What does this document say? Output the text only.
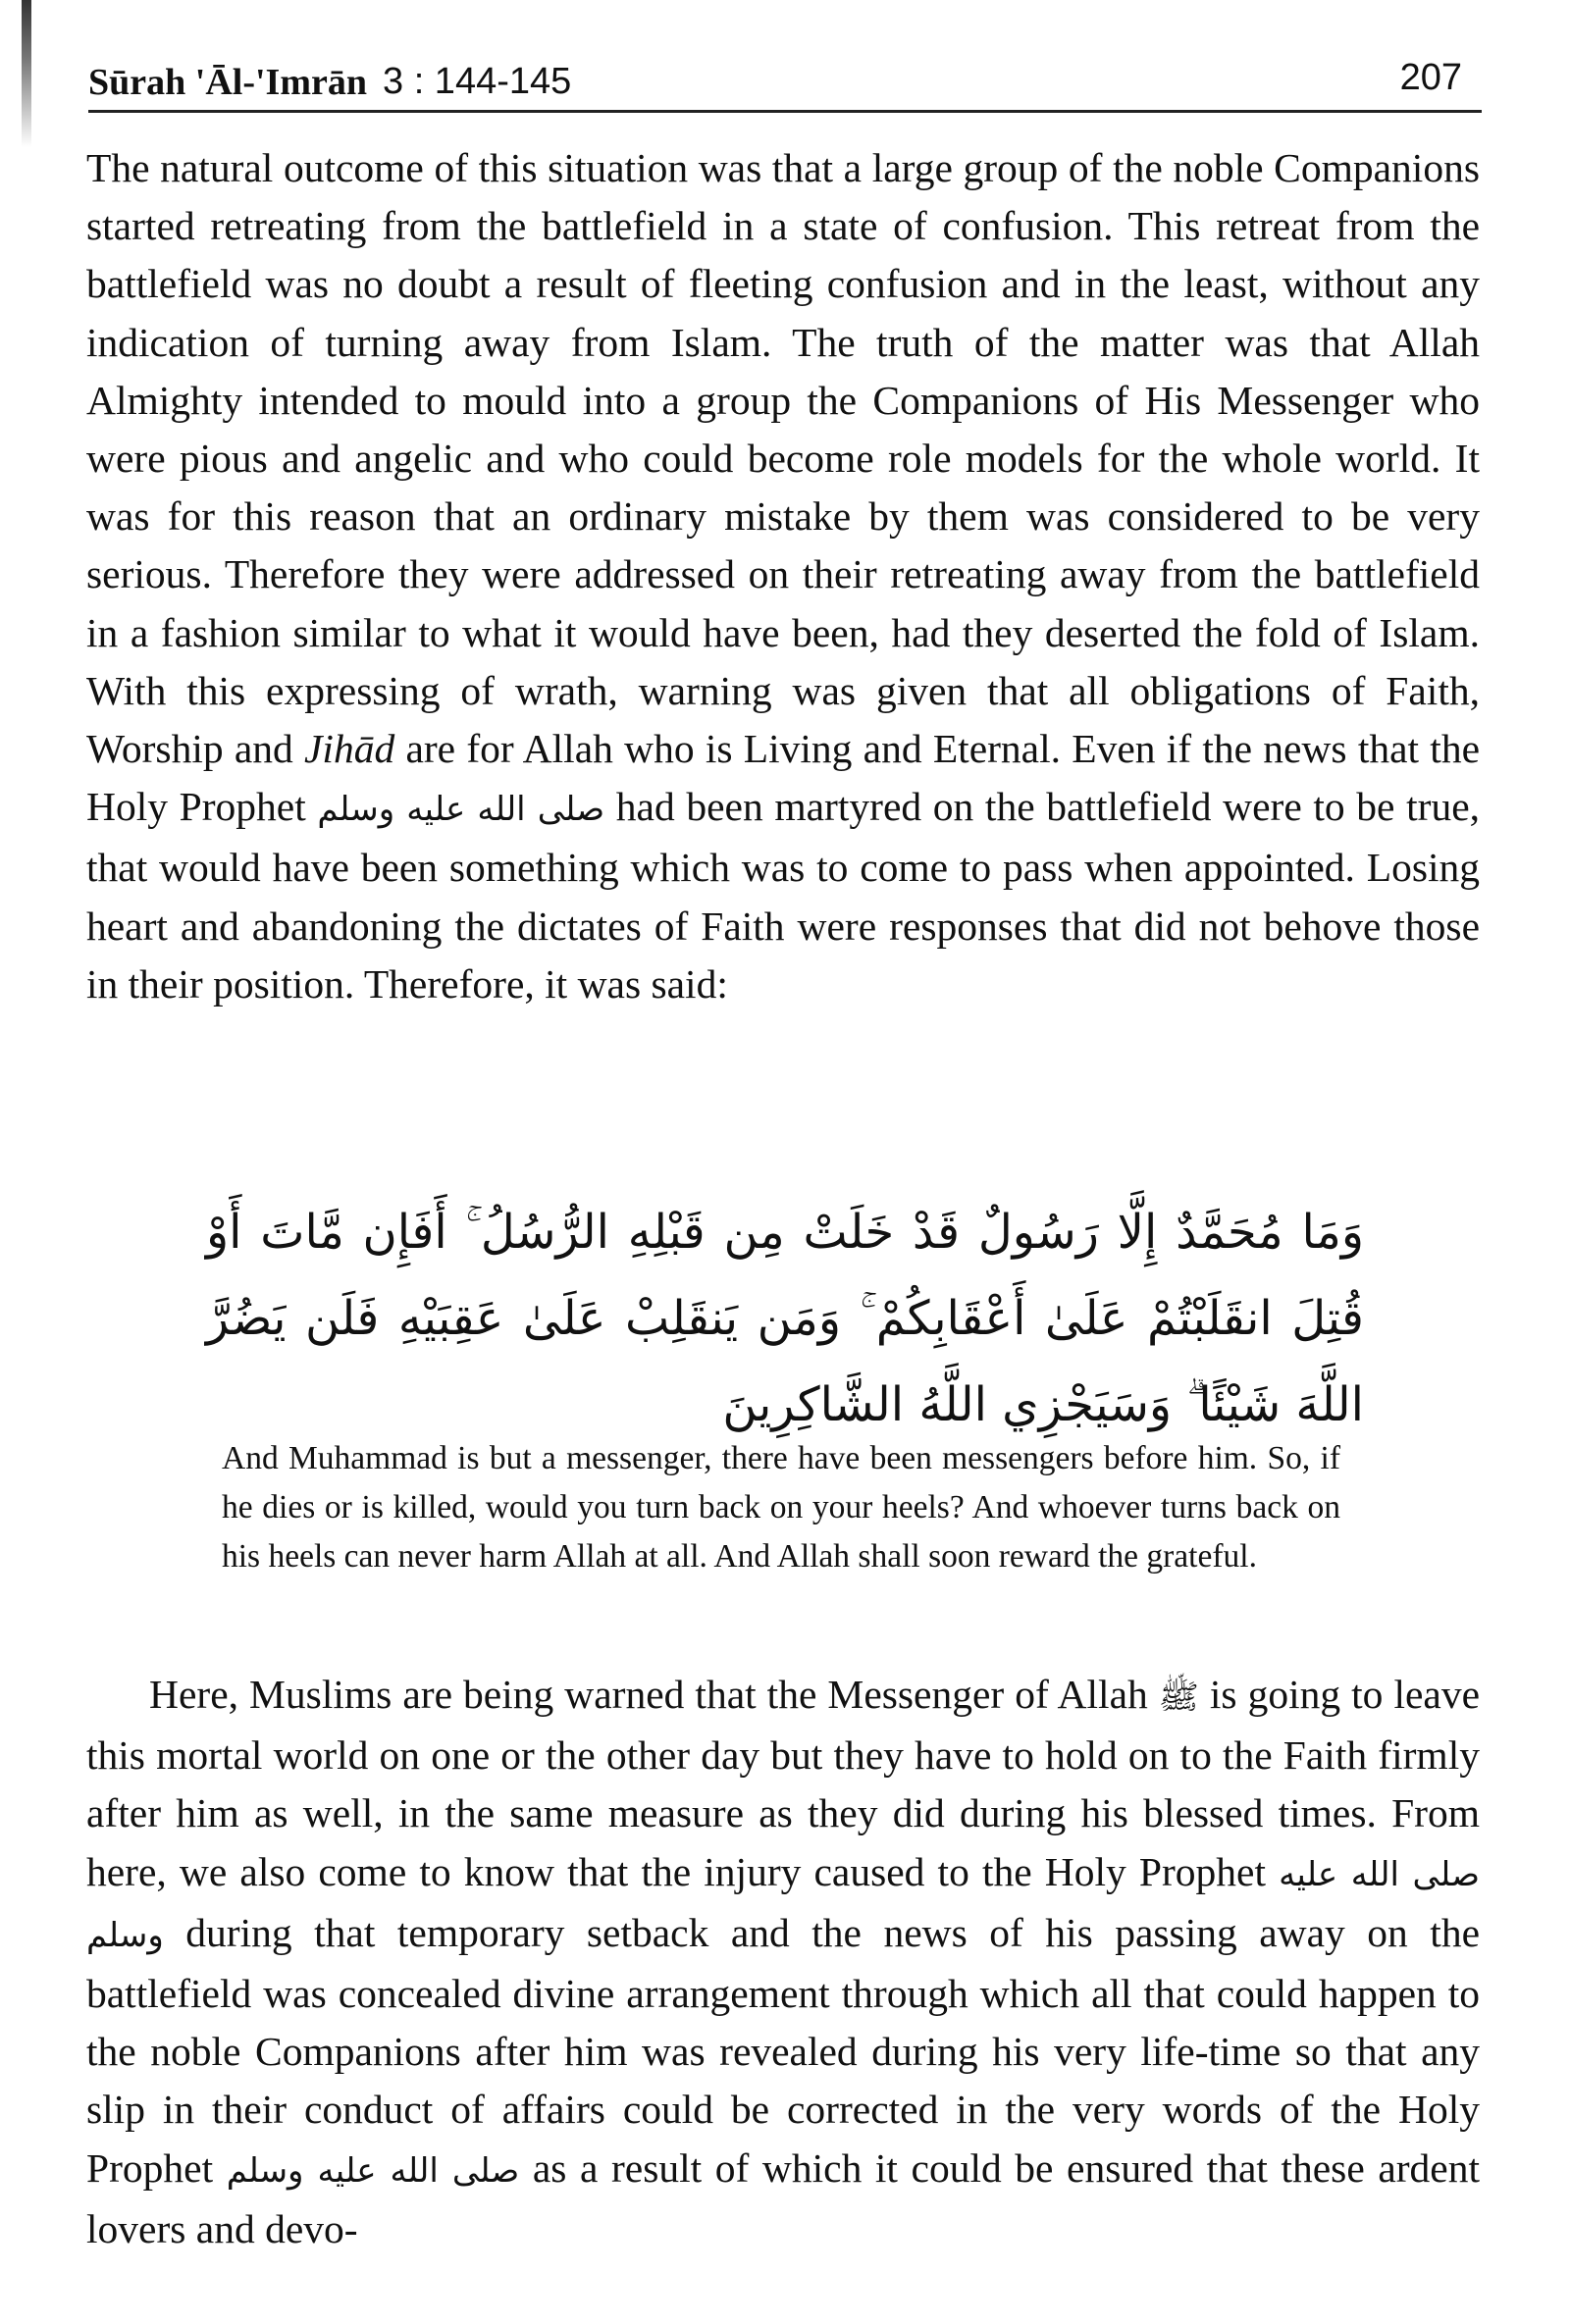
Sūrah 'Āl-'Imrān 3 : 144-145	207

The natural outcome of this situation was that a large group of the noble Companions started retreating from the battlefield in a state of confusion. This retreat from the battlefield was no doubt a result of fleeting confusion and in the least, without any indication of turning away from Islam. The truth of the matter was that Allah Almighty intended to mould into a group the Companions of His Messenger who were pious and angelic and who could become role models for the whole world. It was for this reason that an ordinary mistake by them was considered to be very serious. Therefore they were addressed on their retreating away from the battlefield in a fashion similar to what it would have been, had they deserted the fold of Islam. With this expressing of wrath, warning was given that all obligations of Faith, Worship and Jihād are for Allah who is Living and Eternal. Even if the news that the Holy Prophet صلى الله عليه وسلم had been martyred on the battlefield were to be true, that would have been something which was to come to pass when appointed. Losing heart and abandoning the dictates of Faith were responses that did not behove those in their position. Therefore, it was said:

وَمَا مُحَمَّدٌ إِلَّا رَسُولٌ قَدْ خَلَتْ مِن قَبْلِهِ الرُّسُلُ ۚ أَفَإِن مَّاتَ أَوْ قُتِلَ انقَلَبْتُمْ عَلَىٰ أَعْقَابِكُمْ ۚ وَمَن يَنقَلِبْ عَلَىٰ عَقِبَيْهِ فَلَن يَضُرَّ اللَّهَ شَيْئًا ۗ وَسَيَجْزِي اللَّهُ الشَّاكِرِينَ

And Muhammad is but a messenger, there have been messengers before him. So, if he dies or is killed, would you turn back on your heels? And whoever turns back on his heels can never harm Allah at all. And Allah shall soon reward the grateful.

Here, Muslims are being warned that the Messenger of Allah ﷺ is going to leave this mortal world on one or the other day but they have to hold on to the Faith firmly after him as well, in the same measure as they did during his blessed times. From here, we also come to know that the injury caused to the Holy Prophet صلى الله عليه وسلم during that temporary setback and the news of his passing away on the battlefield was concealed divine arrangement through which all that could happen to the noble Companions after him was revealed during his very life-time so that any slip in their conduct of affairs could be corrected in the very words of the Holy Prophet صلى الله عليه وسلم as a result of which it could be ensured that these ardent lovers and devo-
